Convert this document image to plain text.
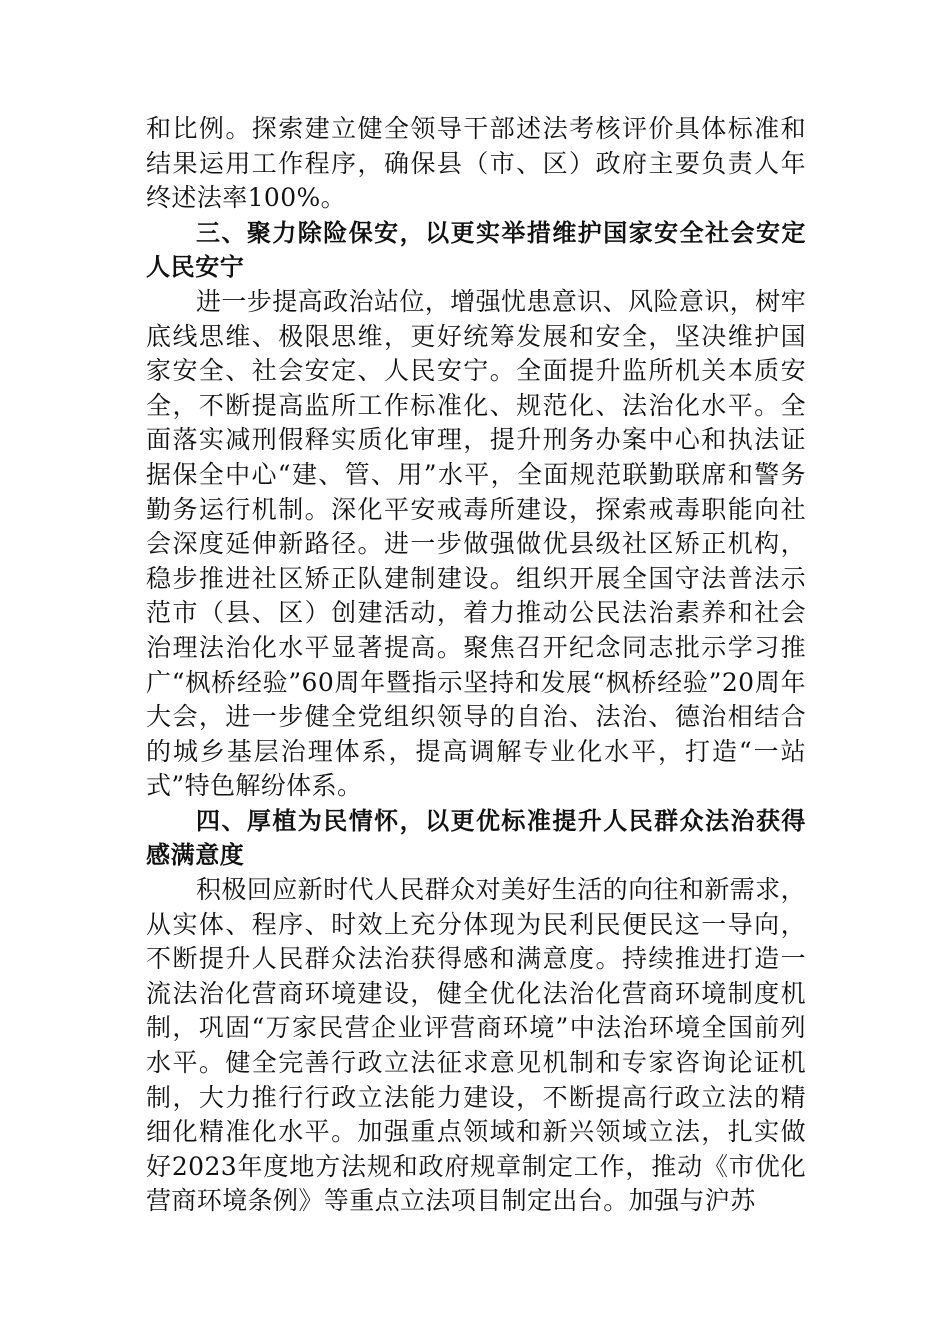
和比例。探索建立健全领导干部述法考核评价具体标准和结果运用工作程序，确保县（市、区）政府主要负责人年终述法率100%。

三、聚力除险保安，以更实举措维护国家安全社会安定人民安宁

进一步提高政治站位，增强忧患意识、风险意识，树牢底线思维、极限思维，更好统筹发展和安全，坚决维护国家安全、社会安定、人民安宁。全面提升监所机关本质安全，不断提高监所工作标准化、规范化、法治化水平。全面落实减刑假释实质化审理，提升刑务办案中心和执法证据保全中心“建、管、用”水平，全面规范联勤联席和警务勤务运行机制。深化平安戒毒所建设，探索戒毒职能向社会深度延伸新路径。进一步做强做优县级社区矫正机构，稳步推进社区矫正队建制建设。组织开展全国守法普法示范市（县、区）创建活动，着力推动公民法治素养和社会治理法治化水平显著提高。聚焦召开纪念同志批示学习推广“枫桥经验”60周年暨指示坚持和发展“枫桥经验”20周年大会，进一步健全党组织领导的自治、法治、德治相结合的城乡基层治理体系，提高调解专业化水平，打造“一站式”特色解纷体系。

四、厚植为民情怀，以更优标准提升人民群众法治获得感满意度

积极回应新时代人民群众对美好生活的向往和新需求，从实体、程序、时效上充分体现为民利民便民这一导向，不断提升人民群众法治获得感和满意度。持续推进打造一流法治化营商环境建设，健全优化法治化营商环境制度机制，巩固“万家民营企业评营商环境”中法治环境全国前列水平。健全完善行政立法征求意见机制和专家咨询论证机制，大力推行行政立法能力建设，不断提高行政立法的精细化精准化水平。加强重点领域和新兴领域立法，扎实做好2023年度地方法规和政府规章制定工作，推动《市优化营商环境条例》等重点立法项目制定出台。加强与沪苏
